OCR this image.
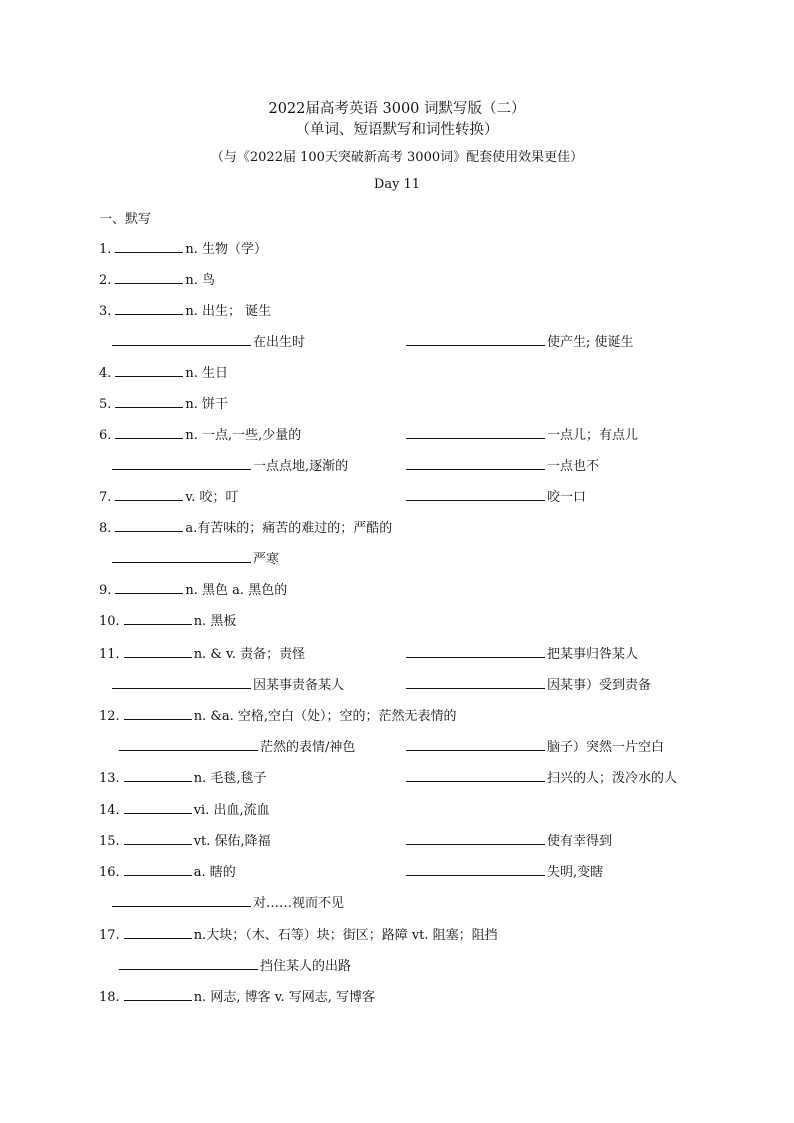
2022届高考英语 3000 词默写版（二）
（单词、短语默写和词性转换）
（与《2022届 100天突破新高考 3000词》配套使用效果更佳）
Day 11
一、默写
1.	n. 生物（学）
2.	n. 鸟
3.	n. 出生； 诞生
在出生时	使产生; 使诞生
4.	n. 生日
5.	n. 饼干
6.	n. 一点,一些,少量的	一点儿；有点儿
一点点地,逐渐的	一点也不
7.	v. 咬；叮	咬一口
8.	a.有苦味的；痛苦的难过的；严酷的
严寒
9.	n. 黑色 a. 黑色的
10.	n. 黑板
11.	n. & v. 责备；责怪	把某事归咎某人
因某事责备某人	因某事）受到责备
12.	n. &a. 空格,空白（处）；空的；茫然无表情的
茫然的表情/神色	脑子）突然一片空白
13.	n. 毛毯,毯子	扫兴的人；泼冷水的人
14.	vi. 出血,流血
15.	vt. 保佑,降福	使有幸得到
16.	a. 瞎的	失明,变瞎
对……视而不见
17.	n.大块；（木、石等）块；街区；路障 vt. 阻塞；阻挡
挡住某人的出路
18.	n. 网志, 博客 v. 写网志, 写博客
